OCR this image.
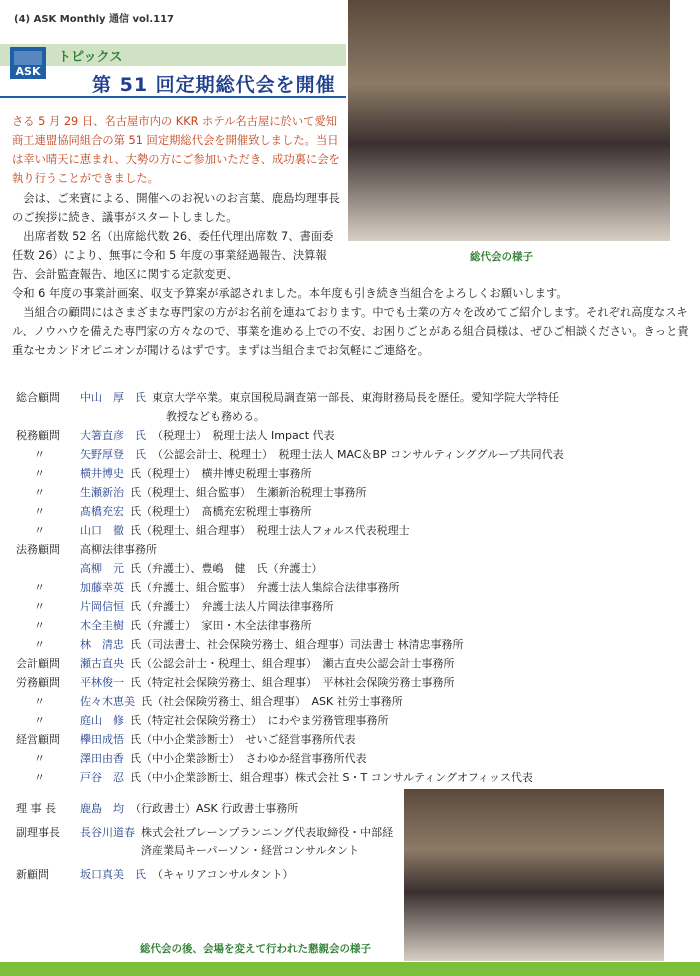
(4) ASK Monthly 通信 vol.117
ASK
トピックス
第 51 回定期総代会を開催
さる 5 月 29 日、名古屋市内の KKR ホテル名古屋に於いて愛知商工連盟協同組合の第 51 回定期総代会を開催致しました。当日は幸い晴天に恵まれ、大勢の方にご参加いただき、成功裏に会を執り行うことができました。
　会は、ご来賓による、開催へのお祝いのお言葉、鹿島均理事長のご挨拶に続き、議事がスタートしました。
　出席者数 52 名（出席総代数 26、委任代理出席数 7、書面委任数 26）により、無事に令和 5 年度の事業経過報告、決算報告、会計監査報告、地区に関する定款変更、
令和 6 年度の事業計画案、収支予算案が承認されました。本年度も引き続き当組合をよろしくお願いします。
　当組合の顧問にはさまざまな専門家の方がお名前を連ねております。中でも士業の方々を改めてご紹介します。それぞれ高度なスキル、ノウハウを備えた専門家の方々なので、事業を進める上での不安、お困りごとがある組合員様は、ぜひご相談ください。きっと貴重なセカンドオピニオンが聞けるはずです。まずは当組合までお気軽にご連絡を。
総代会の様子
総合顧問	中山　厚　氏 東京大学卒業。東京国税局調査第一部長、東海財務局長を歴任。愛知学院大学特任
教授なども務める。
税務顧問	大箸直彦　氏 （税理士）　税理士法人 Impact 代表
〃	矢野厚登　氏 （公認会計士、税理士）　税理士法人 MAC＆BP コンサルティンググループ共同代表
〃	横井博史 氏（税理士）　横井博史税理士事務所
〃	生瀬新治 氏（税理士、組合監事）　生瀬新治税理士事務所
〃	髙橋充宏 氏（税理士）　髙橋充宏税理士事務所
〃	山口　徹 氏（税理士、組合理事）　税理士法人フォルス代表税理士
法務顧問	高柳法律事務所
高柳　元 氏（弁護士）、豊嶋　健　氏（弁護士）
〃	加藤幸英 氏（弁護士、組合監事）　弁護士法人集綜合法律事務所
〃	片岡信恒 氏（弁護士）　弁護士法人片岡法律事務所
〃	木全圭樹 氏（弁護士）　家田・木全法律事務所
〃	林　清忠 氏（司法書士、社会保険労務士、組合理事）司法書士 林清忠事務所
会計顧問	瀬古直央 氏（公認会計士・税理士、組合理事）　瀬古直央公認会計士事務所
労務顧問	平林俊一 氏（特定社会保険労務士、組合理事）　平林社会保険労務士事務所
〃	佐々木恵美 氏（社会保険労務士、組合理事）　ASK 社労士事務所
〃	庭山　修 氏（特定社会保険労務士）　にわやま労務管理事務所
経営顧問	欅田成悟 氏（中小企業診断士）　せいご経営事務所代表
〃	澤田由香 氏（中小企業診断士）　さわゆか経営事務所代表
〃	戸谷　忍 氏（中小企業診断士、組合理事）株式会社 S・T コンサルティングオフィッス代表
理 事 長	鹿島　均 （行政書士）ASK 行政書士事務所
副理事長	長谷川道春 株式会社ブレーンプランニング代表取締役・中部経済産業局キーパーソン・経営コンサルタント
新顧問	坂口真美　氏 （キャリアコンサルタント）
総代会の後、会場を変えて行われた懇親会の様子
